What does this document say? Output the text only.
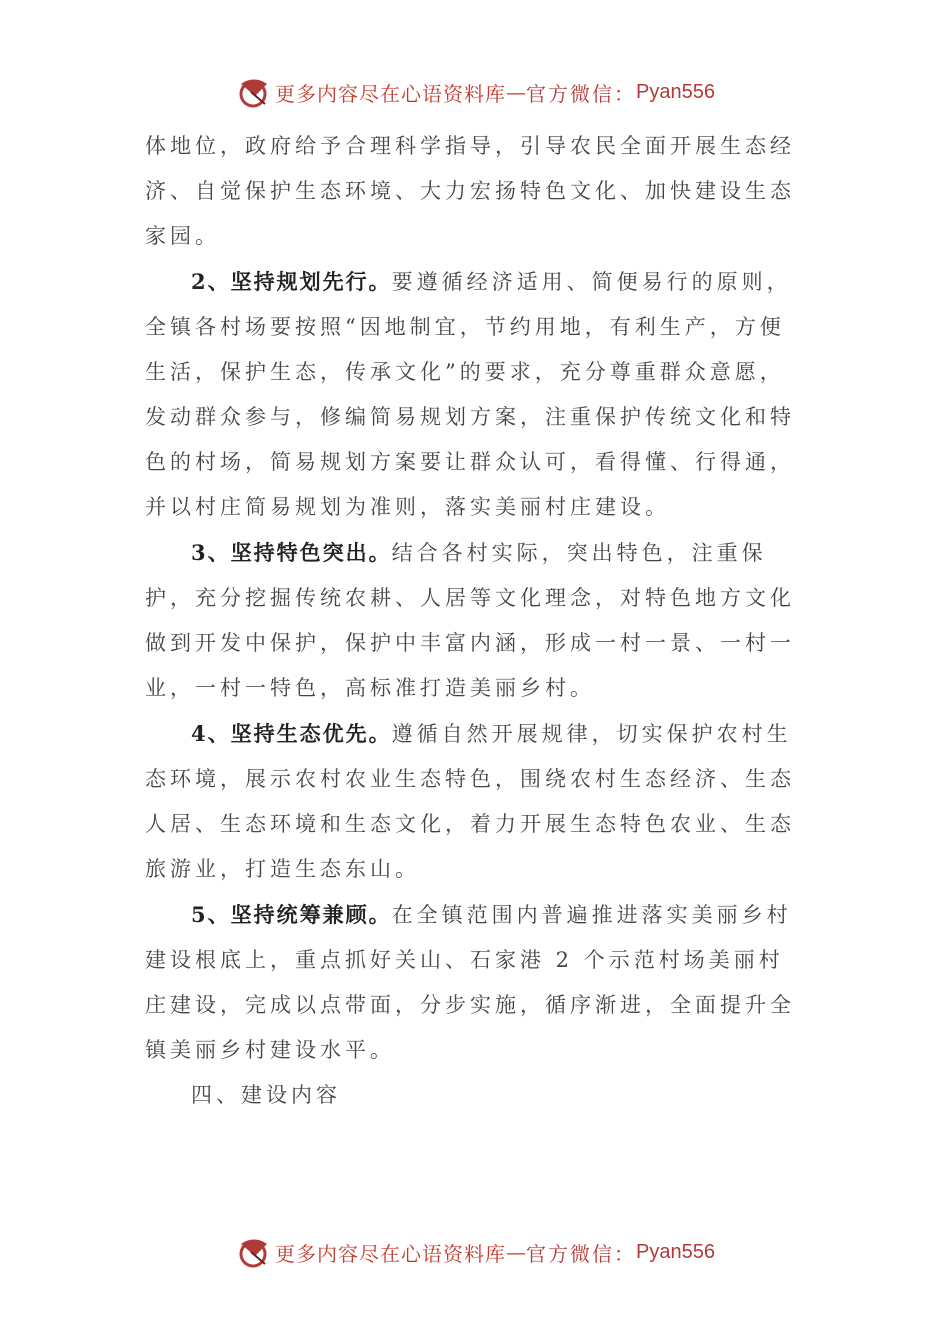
更多内容尽在心语资料库 — 官方微信： Pyan556

体地位，政府给予合理科学指导，引导农民全面开展生态经济、自觉保护生态环境、大力宏扬特色文化、加快建设生态家园。

2、坚持规划先行。要遵循经济适用、简便易行的原则，全镇各村场要按照“因地制宜，节约用地，有利生产，方便生活，保护生态，传承文化”的要求，充分尊重群众意愿，发动群众参与，修编简易规划方案，注重保护传统文化和特色的村场，简易规划方案要让群众认可，看得懂、行得通，并以村庄简易规划为准则，落实美丽村庄建设。

3、坚持特色突出。结合各村实际，突出特色，注重保护，充分挖掘传统农耕、人居等文化理念，对特色地方文化做到开发中保护，保护中丰富内涵，形成一村一景、一村一业，一村一特色，高标准打造美丽乡村。

4、坚持生态优先。遵循自然开展规律，切实保护农村生态环境，展示农村农业生态特色，围绕农村生态经济、生态人居、生态环境和生态文化，着力开展生态特色农业、生态旅游业，打造生态东山。

5、坚持统筹兼顾。在全镇范围内普遍推进落实美丽乡村建设根底上，重点抓好关山、石家港 2 个示范村场美丽村庄建设，完成以点带面，分步实施，循序渐进，全面提升全镇美丽乡村建设水平。

四、建设内容

更多内容尽在心语资料库 — 官方微信： Pyan556
